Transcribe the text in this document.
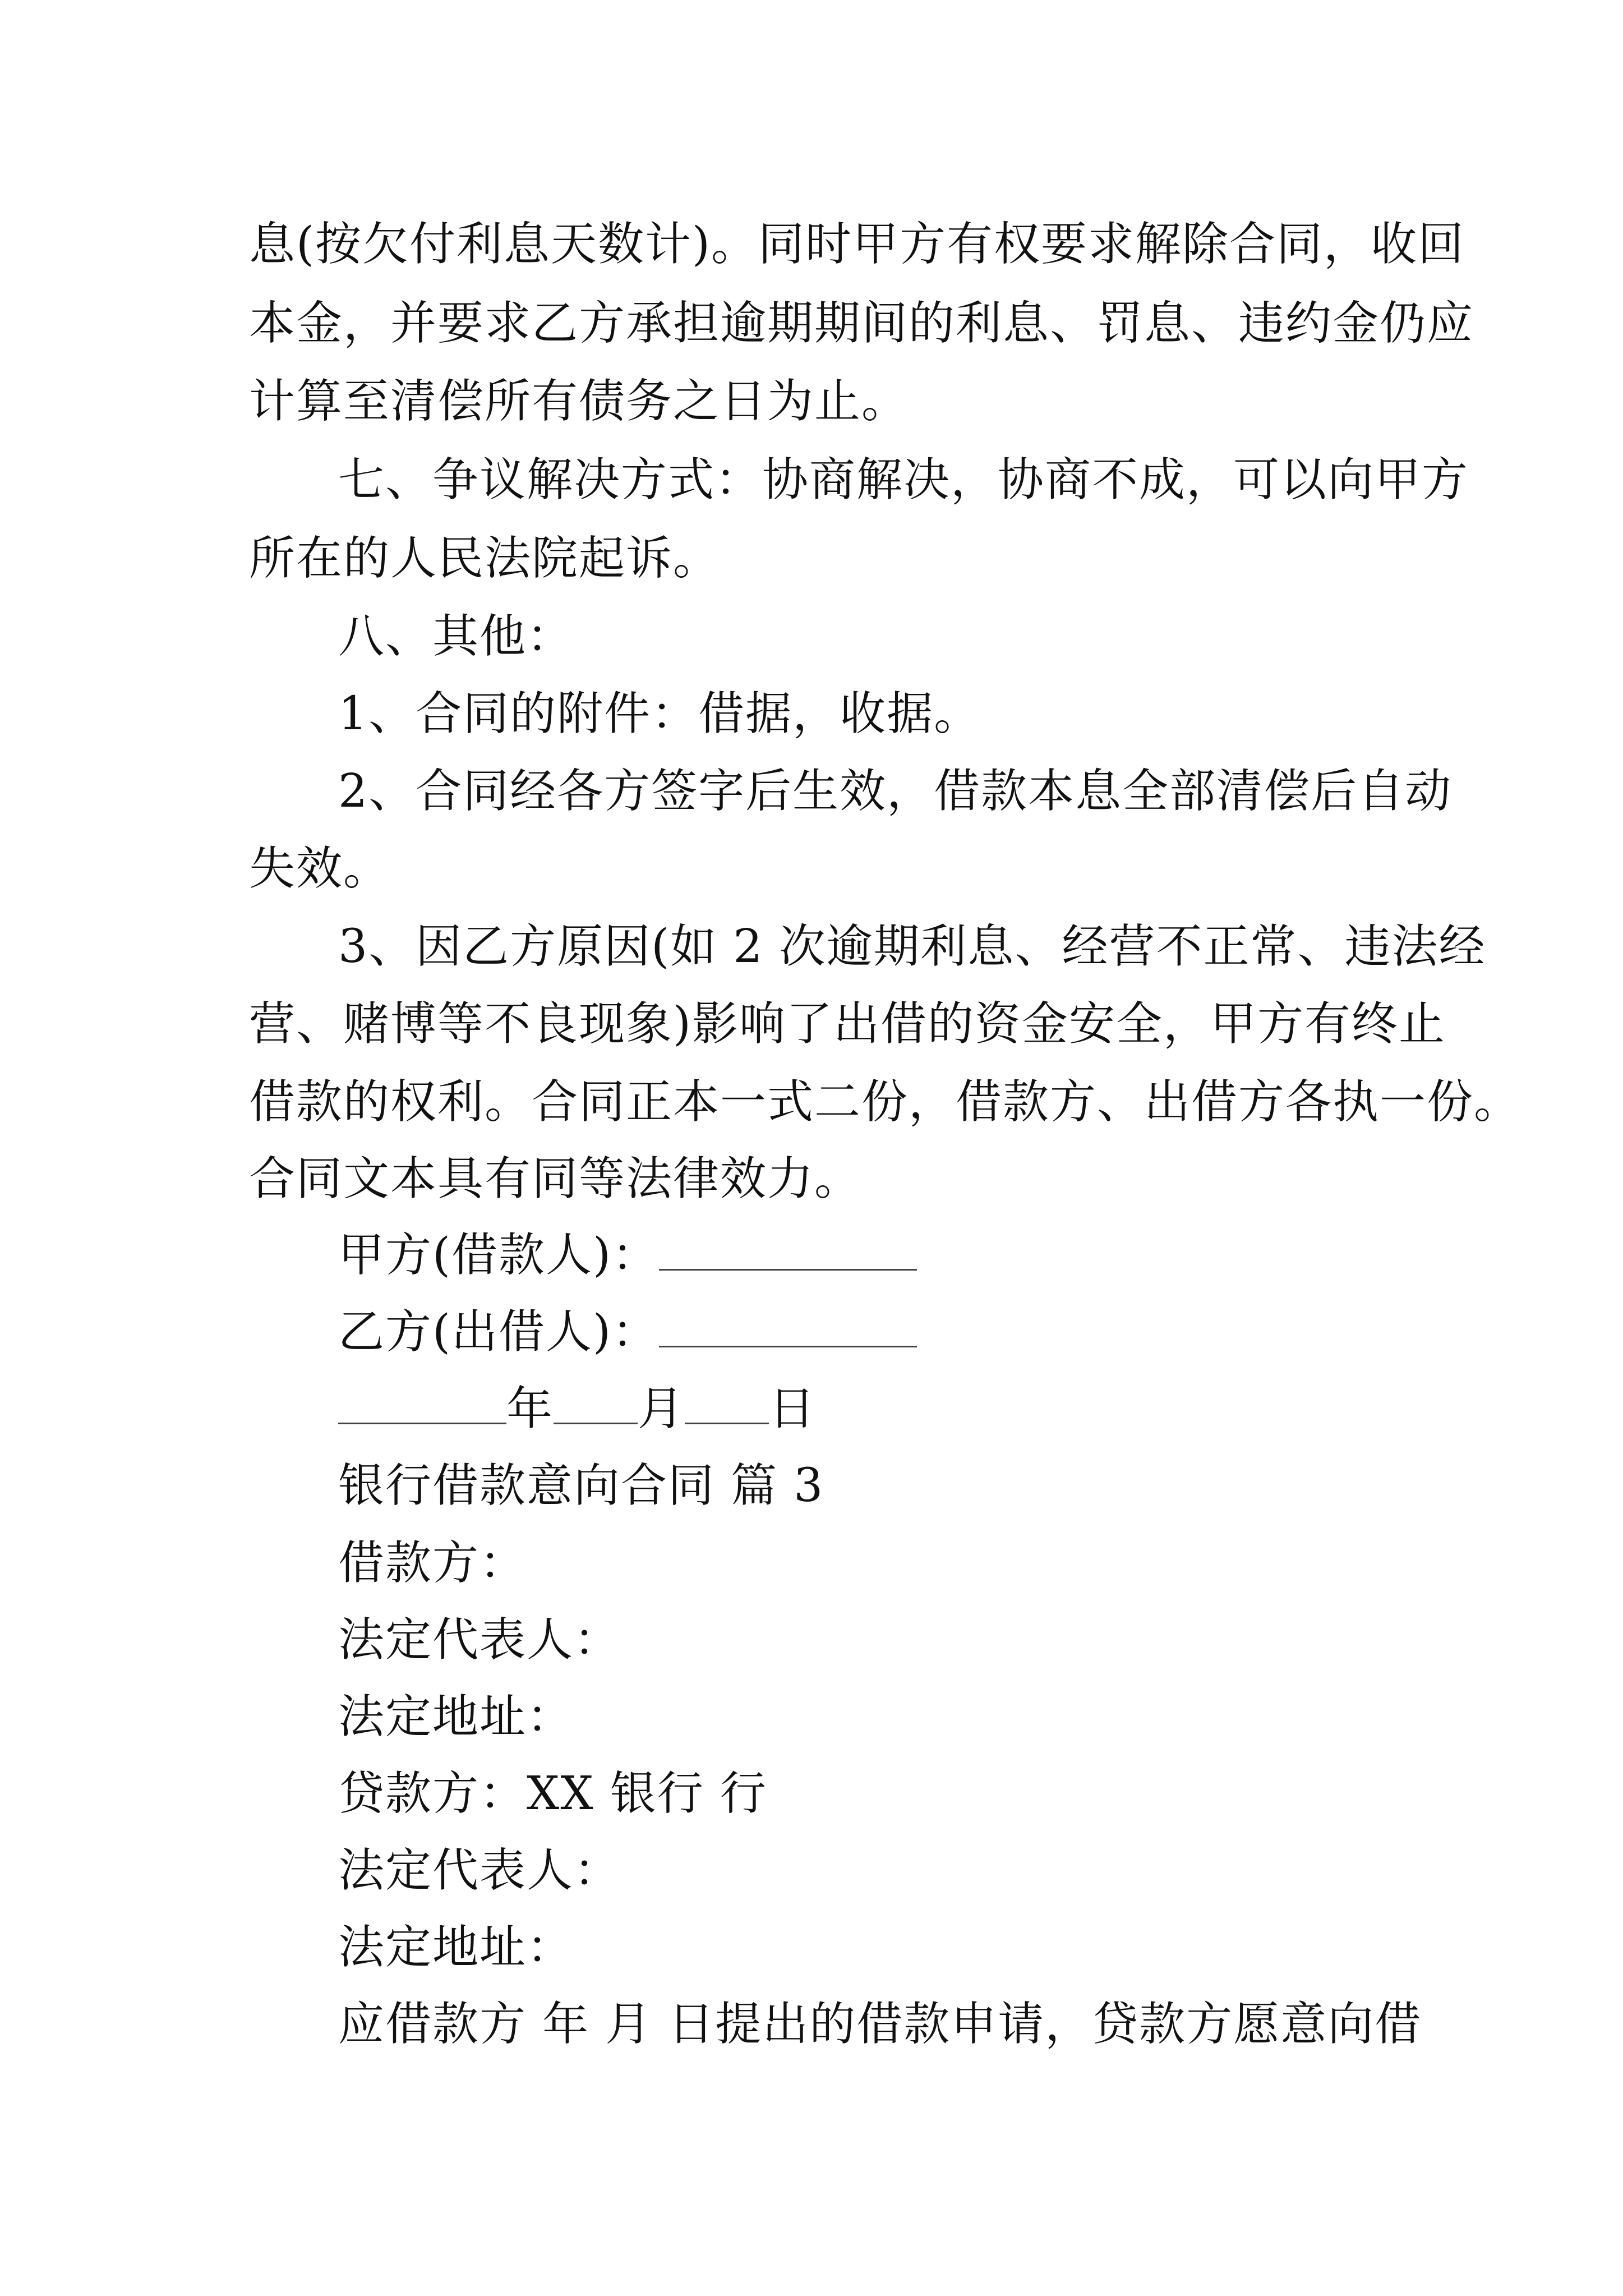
息(按欠付利息天数计)。同时甲方有权要求解除合同，收回
本金，并要求乙方承担逾期期间的利息、罚息、违约金仍应
计算至清偿所有债务之日为止。
七、争议解决方式：协商解决，协商不成，可以向甲方
所在的人民法院起诉。
八、其他：
1、合同的附件：借据，收据。
2、合同经各方签字后生效，借款本息全部清偿后自动
失效。
3、因乙方原因(如 2 次逾期利息、经营不正常、违法经
营、赌博等不良现象)影响了出借的资金安全，甲方有终止
借款的权利。合同正本一式二份，借款方、出借方各执一份。
合同文本具有同等法律效力。
甲方(借款人)：
乙方(出借人)：
年 月 日
银行借款意向合同 篇 3
借款方：
法定代表人：
法定地址：
贷款方：XX 银行 行
法定代表人：
法定地址：
应借款方 年 月 日提出的借款申请，贷款方愿意向借
